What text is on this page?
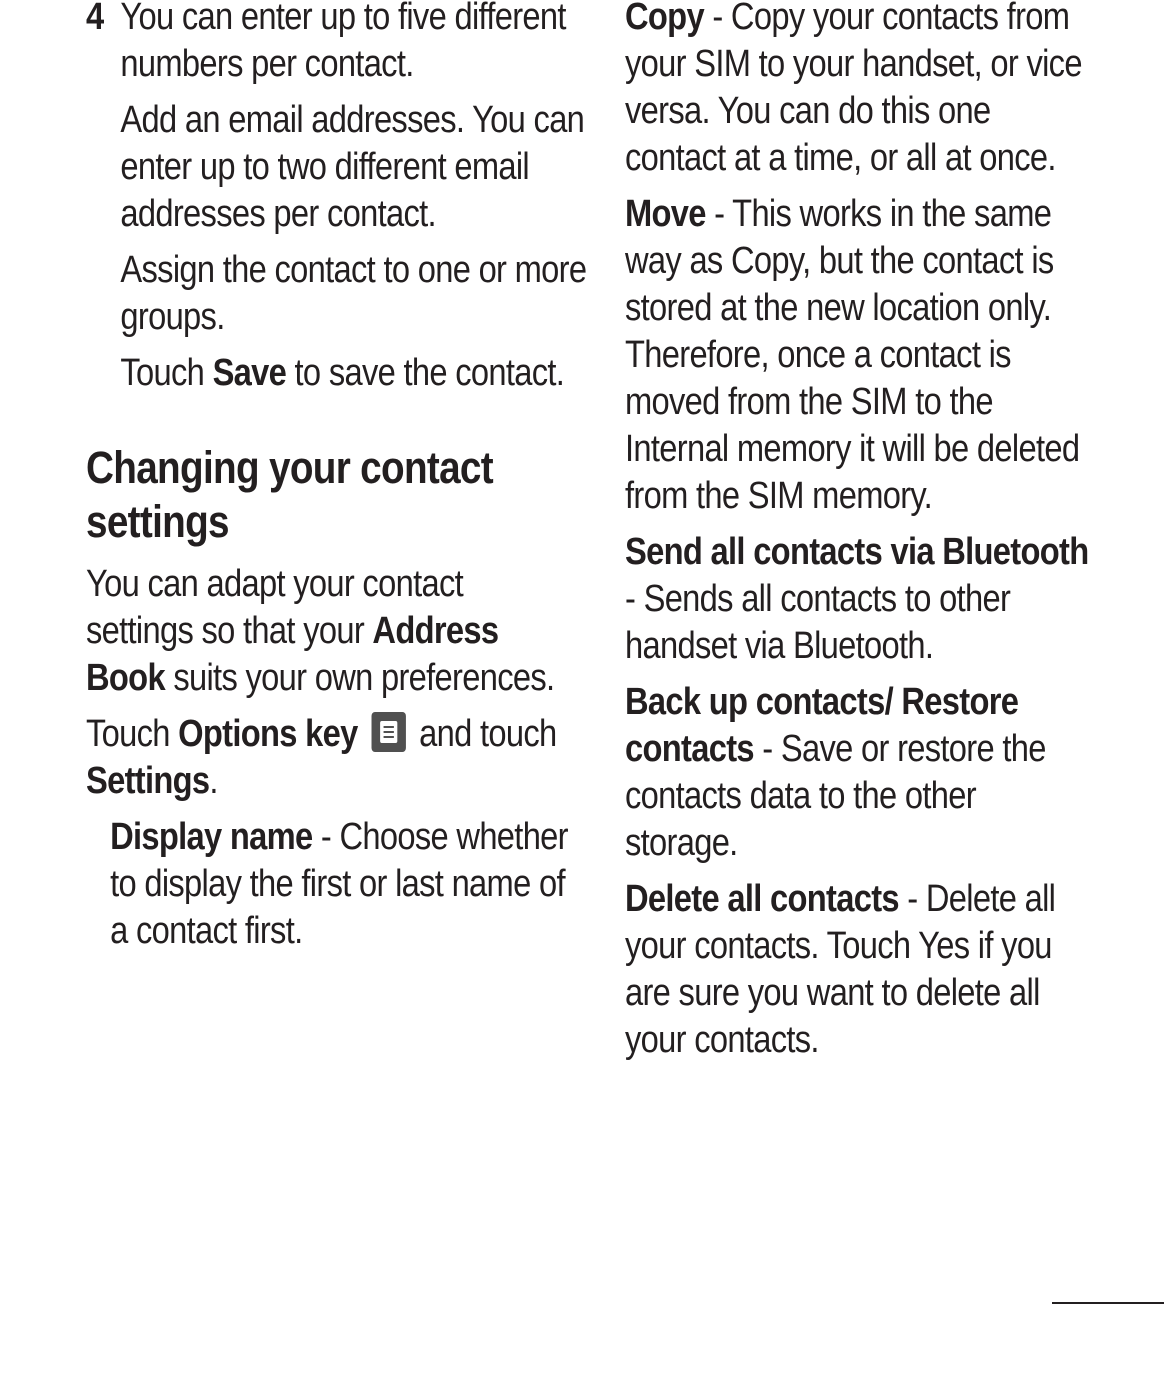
4 You can enter up to five different numbers per contact.

Add an email addresses. You can enter up to two different email addresses per contact.

Assign the contact to one or more groups.

Touch Save to save the contact.

Changing your contact settings

You can adapt your contact settings so that your Address Book suits your own preferences.

Touch Options key
and touch Settings.

Display name - Choose whether to display the first or last name of a contact first.

Copy - Copy your contacts from your SIM to your handset, or vice versa. You can do this one contact at a time, or all at once.

Move - This works in the same way as Copy, but the contact is stored at the new location only. Therefore, once a contact is moved from the SIM to the Internal memory it will be deleted from the SIM memory.

Send all contacts via Bluetooth - Sends all contacts to other handset via Bluetooth.

Back up contacts/ Restore contacts - Save or restore the contacts data to the other storage.

Delete all contacts - Delete all your contacts. Touch Yes if you are sure you want to delete all your contacts.
